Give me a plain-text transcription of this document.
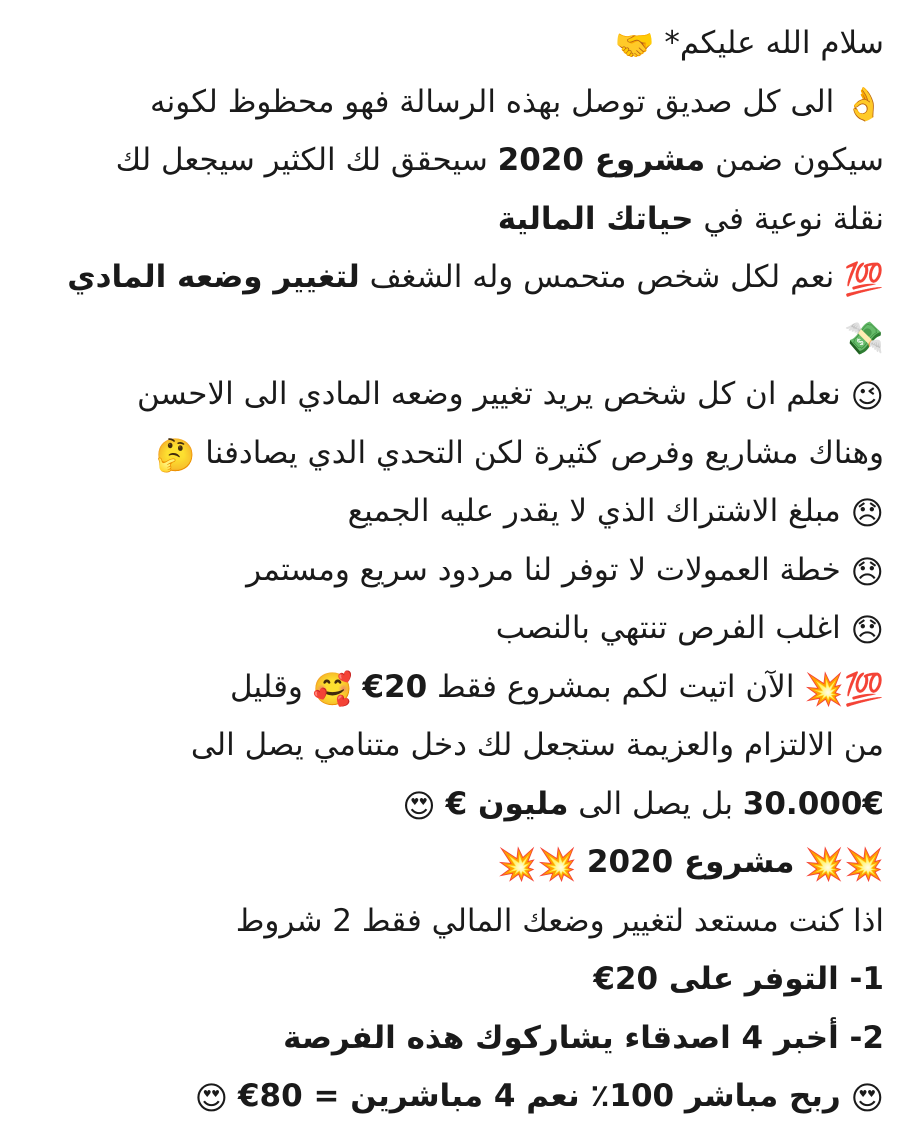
سلام الله عليكم* 🤝
👌 الى كل صديق توصل بهذه الرسالة فهو محظوظ لكونه
سيكون ضمن مشروع 2020 سيحقق لك الكثير سيجعل لك
نقلة نوعية في حياتك المالية
💯 نعم لكل شخص متحمس وله الشغف لتغيير وضعه المادي 💸
😉 نعلم ان كل شخص يريد تغيير وضعه المادي الى الاحسن
وهناك مشاريع وفرص كثيرة لكن التحدي الدي يصادفنا 🤔
😞 مبلغ الاشتراك الذي لا يقدر عليه الجميع
😞 خطة العمولات لا توفر لنا مردود سريع ومستمر
😞 اغلب الفرص تنتهي بالنصب
💯💥 الآن اتيت لكم بمشروع فقط 20€ 🥰 وقليل
من الالتزام والعزيمة ستجعل لك دخل متنامي يصل الى
30.000€ بل يصل الى مليون € 😍
💥💥 مشروع 2020 💥💥
اذا كنت مستعد لتغيير وضعك المالي فقط 2 شروط
1- التوفر على 20€
2- أخبر 4 اصدقاء يشاركوك هذه الفرصة
😍 ربح مباشر 100٪ نعم 4 مباشرين = 80€ 😍
